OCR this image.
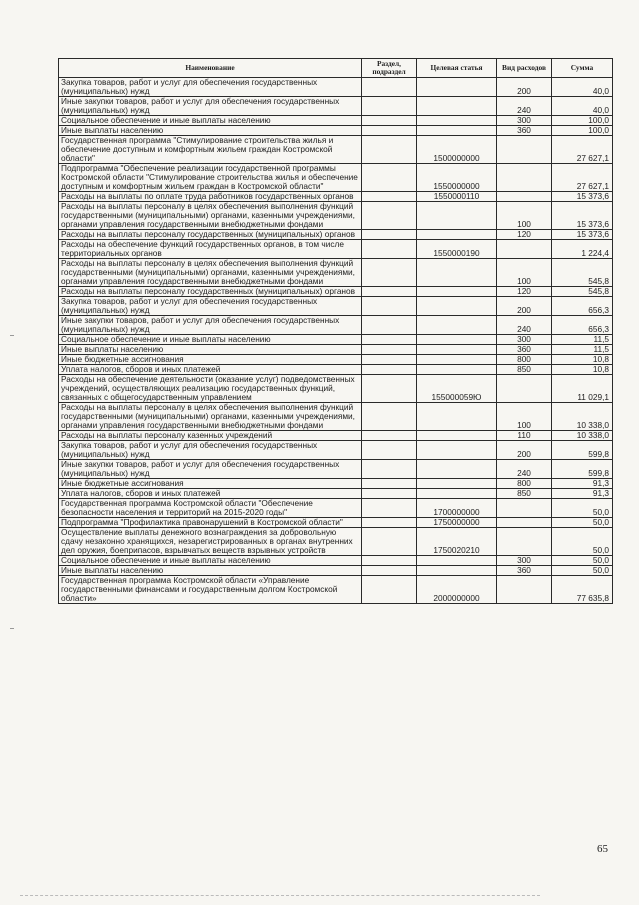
Наименование	Раздел, подраздел	Целевая статья	Вид расходов	Сумма
Закупка товаров, работ и услуг для обеспечения государственных (муниципальных) нужд			200	40,0
Иные закупки товаров, работ и услуг для обеспечения государственных (муниципальных) нужд			240	40,0
Социальное обеспечение и иные выплаты населению			300	100,0
Иные выплаты населению			360	100,0
Государственная программа "Стимулирование строительства жилья и обеспечение доступным и комфортным жильем граждан Костромской области"		1500000000		27 627,1
Подпрограмма "Обеспечение реализации государственной программы Костромской области "Стимулирование строительства жилья и обеспечение доступным и комфортным жильем граждан в Костромской области"		1550000000		27 627,1
Расходы на выплаты по оплате труда работников государственных органов		1550000110		15 373,6
Расходы на выплаты персоналу в целях обеспечения выполнения функций государственными (муниципальными) органами, казенными учреждениями, органами управления государственными внебюджетными фондами			100	15 373,6
Расходы на выплаты персоналу государственных (муниципальных) органов			120	15 373,6
Расходы на обеспечение функций государственных органов, в том числе территориальных органов		1550000190		1 224,4
Расходы на выплаты персоналу в целях обеспечения выполнения функций государственными (муниципальными) органами, казенными учреждениями, органами управления государственными внебюджетными фондами			100	545,8
Расходы на выплаты персоналу государственных (муниципальных) органов			120	545,8
Закупка товаров, работ и услуг для обеспечения государственных (муниципальных) нужд			200	656,3
Иные закупки товаров, работ и услуг для обеспечения государственных (муниципальных) нужд			240	656,3
Социальное обеспечение и иные выплаты населению			300	11,5
Иные выплаты населению			360	11,5
Иные бюджетные ассигнования			800	10,8
Уплата налогов, сборов и иных платежей			850	10,8
Расходы на обеспечение деятельности (оказание услуг) подведомственных учреждений, осуществляющих реализацию государственных функций, связанных с общегосударственным управлением		155000059Ю		11 029,1
Расходы на выплаты персоналу в целях обеспечения выполнения функций государственными (муниципальными) органами, казенными учреждениями, органами управления государственными внебюджетными фондами			100	10 338,0
Расходы на выплаты персоналу казенных учреждений			110	10 338,0
Закупка товаров, работ и услуг для обеспечения государственных (муниципальных) нужд			200	599,8
Иные закупки товаров, работ и услуг для обеспечения государственных (муниципальных) нужд			240	599,8
Иные бюджетные ассигнования			800	91,3
Уплата налогов, сборов и иных платежей			850	91,3
Государственная программа Костромской области "Обеспечение безопасности населения и территорий на 2015-2020 годы"		1700000000		50,0
Подпрограмма "Профилактика правонарушений в Костромской области"		1750000000		50,0
Осуществление выплаты денежного вознаграждения за добровольную сдачу незаконно хранящихся, незарегистрированных в органах внутренних дел оружия, боеприпасов, взрывчатых веществ взрывных устройств		1750020210		50,0
Социальное обеспечение и иные выплаты населению			300	50,0
Иные выплаты населению			360	50,0
Государственная программа Костромской области «Управление государственными финансами и государственным долгом Костромской области»		2000000000		77 635,8
65
